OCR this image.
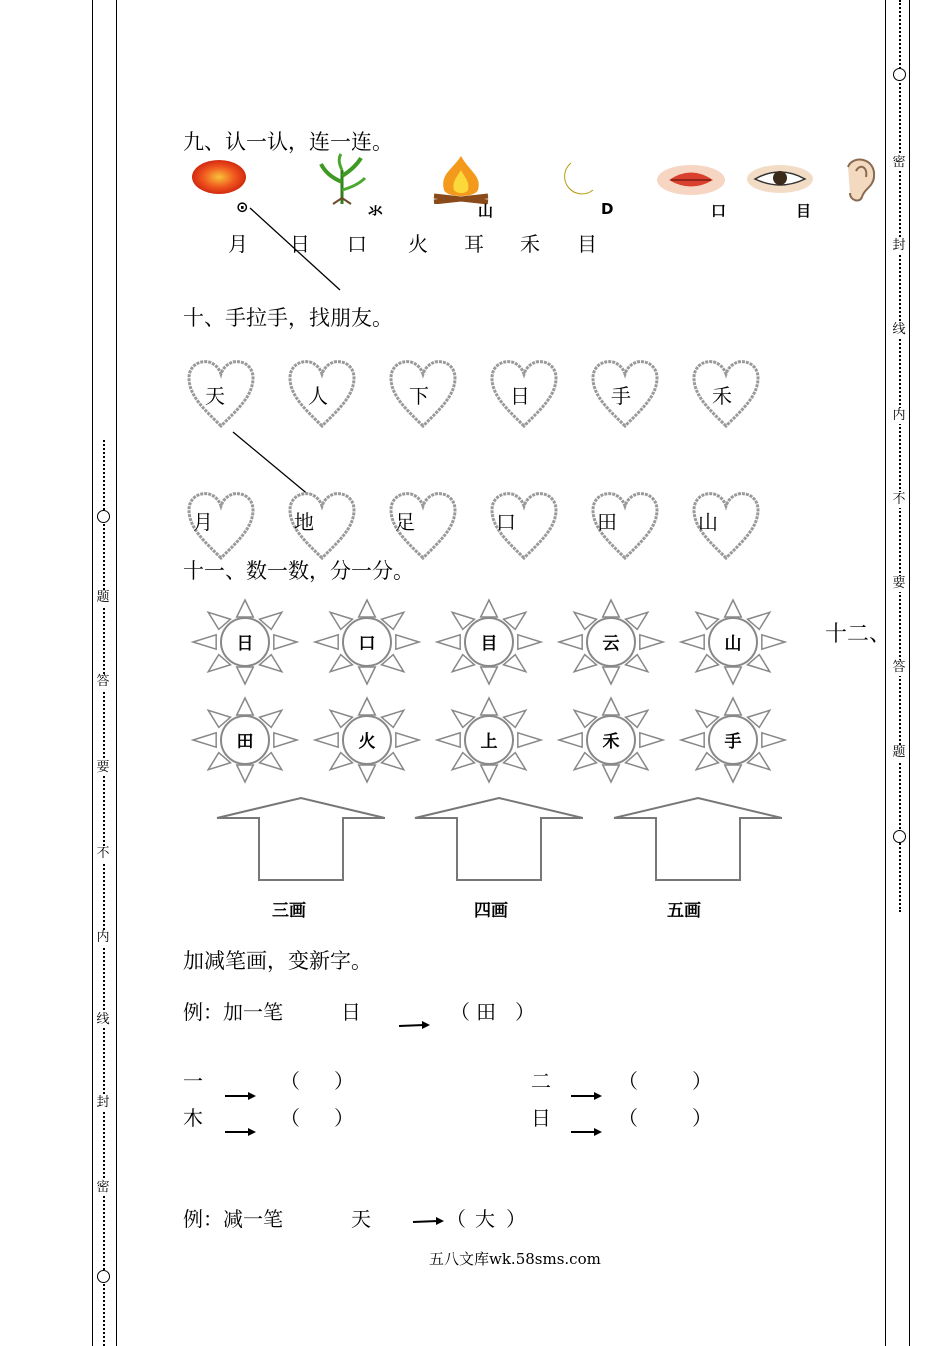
题
答
要
不
内
线
封
密
密
封
线
内
不
要
答
题
九、认一认，连一连。
⊙	氺	山	D	口	目
月 日 口 火 耳 禾 目
十、手拉手，找朋友。
天	人	下	日	手	禾
月	地	足	口	田	山
十一、数一数，分一分。
十二、
日	口	目	云	山
田	火	上	禾	手
三画	四画	五画
加减笔画，变新字。
例：加一笔	日	（ 田 ）
一	（ ）
木	（ ）
二	（	）
日	（	）
例：减一笔	天	（ 大 ）
五八文库wk.58sms.com
